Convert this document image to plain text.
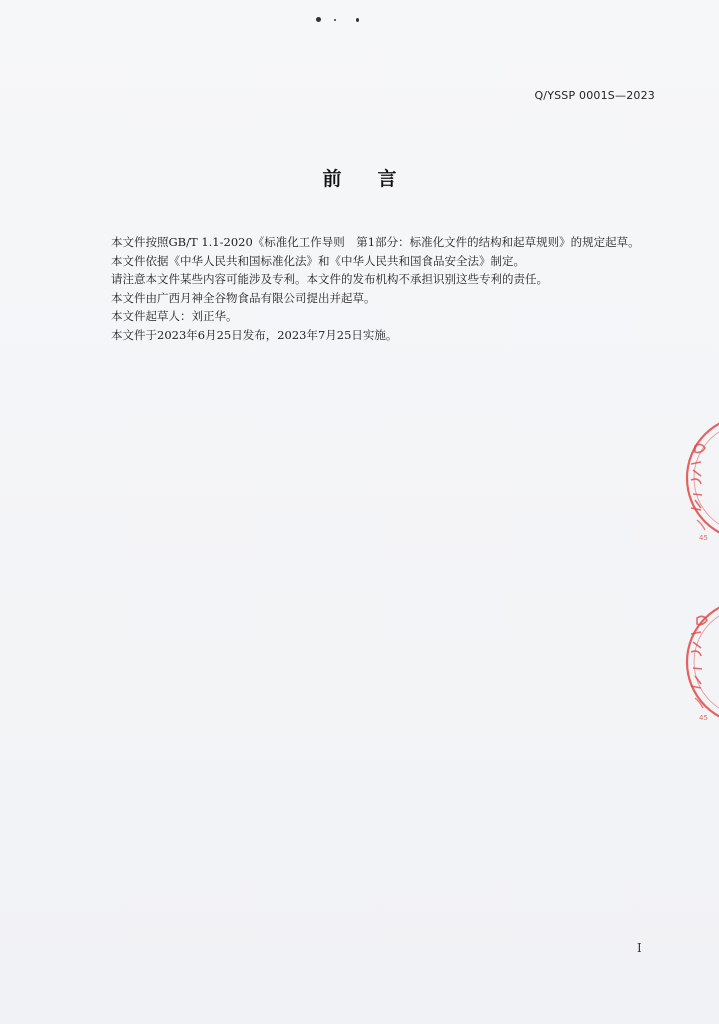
Q/YSSP 0001S—2023
前言

本文件按照GB/T 1.1-2020《标准化工作导则　第1部分：标准化文件的结构和起草规则》的规定起草。

本文件依据《中华人民共和国标准化法》和《中华人民共和国食品安全法》制定。

请注意本文件某些内容可能涉及专利。本文件的发布机构不承担识别这些专利的责任。

本文件由广西月神全谷物食品有限公司提出并起草。

本文件起草人：刘正华。

本文件于2023年6月25日发布，2023年7月25日实施。

I
45
45
